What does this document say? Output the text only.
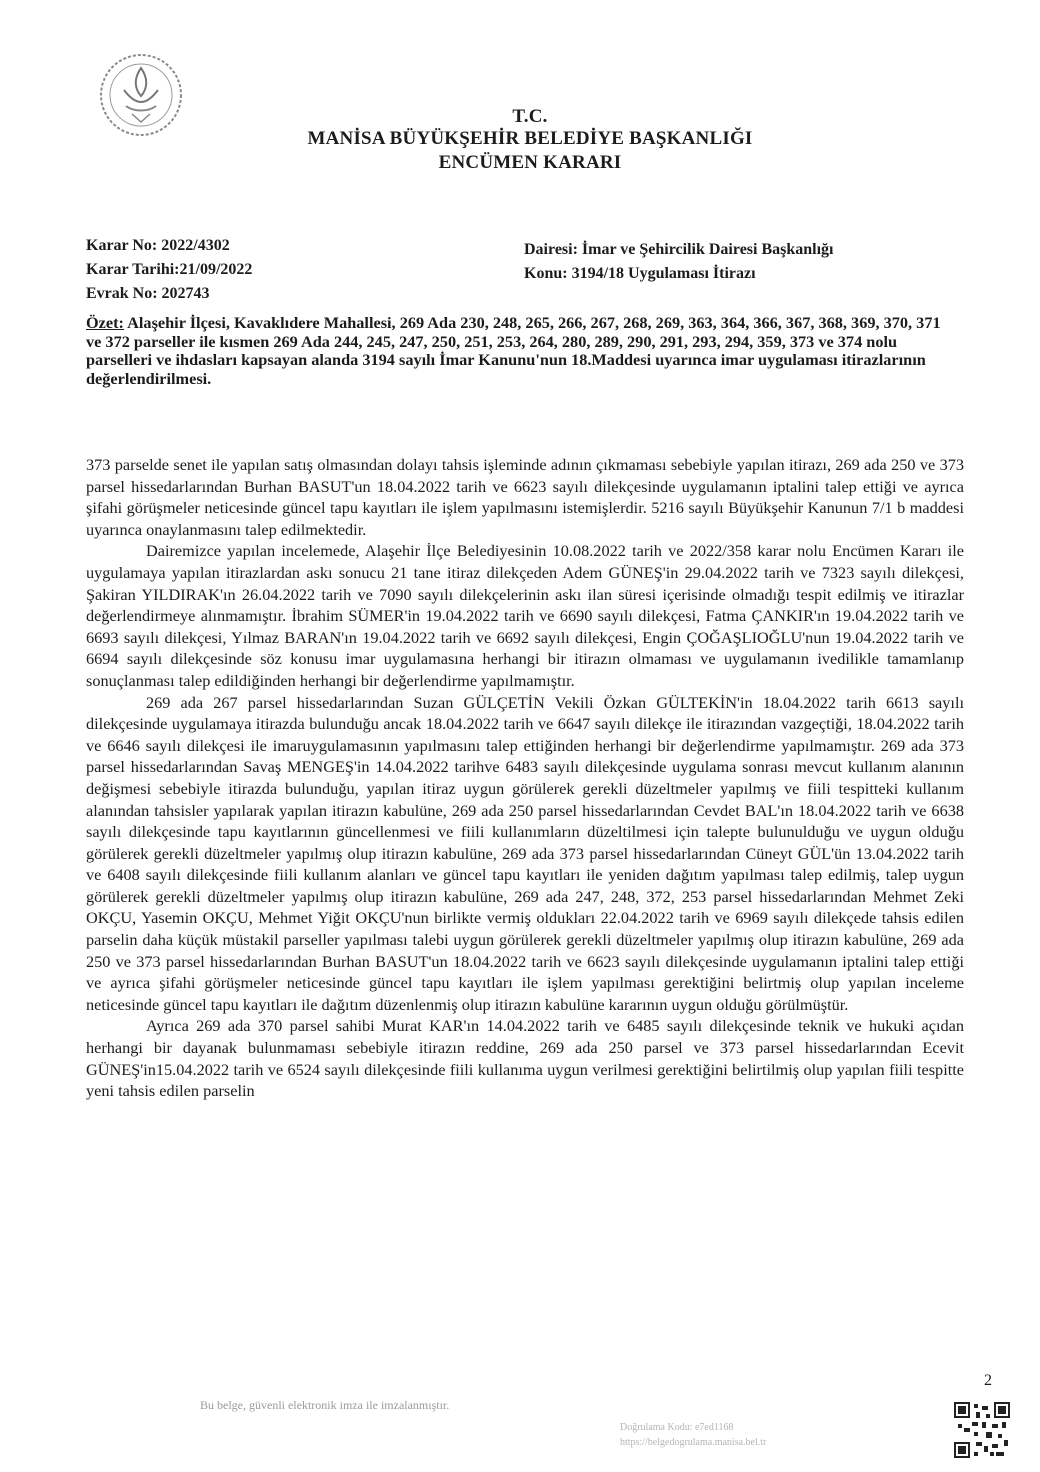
T.C.
MANİSA BÜYÜKŞEHİR BELEDİYE BAŞKANLIĞI
ENCÜMEN KARARI
Karar No: 2022/4302
Karar Tarihi:21/09/2022
Evrak No: 202743
Dairesi: İmar ve Şehircilik Dairesi Başkanlığı
Konu: 3194/18 Uygulaması İtirazı
Özet: Alaşehir İlçesi, Kavaklıdere Mahallesi, 269 Ada 230, 248, 265, 266, 267, 268, 269, 363, 364, 366, 367, 368, 369, 370, 371 ve 372 parseller ile kısmen 269 Ada 244, 245, 247, 250, 251, 253, 264, 280, 289, 290, 291, 293, 294, 359, 373 ve 374 nolu parselleri ve ihdasları kapsayan alanda 3194 sayılı İmar Kanunu'nun 18.Maddesi uyarınca imar uygulaması itirazlarının değerlendirilmesi.

373 parselde senet ile yapılan satış olmasından dolayı tahsis işleminde adının çıkmaması sebebiyle yapılan itirazı, 269 ada 250 ve 373 parsel hissedarlarından Burhan BASUT'un 18.04.2022 tarih ve 6623 sayılı dilekçesinde uygulamanın iptalini talep ettiği ve ayrıca şifahi görüşmeler neticesinde güncel tapu kayıtları ile işlem yapılmasını istemişlerdir. 5216 sayılı Büyükşehir Kanunun 7/1 b maddesi uyarınca onaylanmasını talep edilmektedir.

Dairemizce yapılan incelemede, Alaşehir İlçe Belediyesinin 10.08.2022 tarih ve 2022/358 karar nolu Encümen Kararı ile uygulamaya yapılan itirazlardan askı sonucu 21 tane itiraz dilekçeden Adem GÜNEŞ'in 29.04.2022 tarih ve 7323 sayılı dilekçesi, Şakiran YILDIRAK'ın 26.04.2022 tarih ve 7090 sayılı dilekçelerinin askı ilan süresi içerisinde olmadığı tespit edilmiş ve itirazlar değerlendirmeye alınmamıştır. İbrahim SÜMER'in 19.04.2022 tarih ve 6690 sayılı dilekçesi, Fatma ÇANKIR'ın 19.04.2022 tarih ve 6693 sayılı dilekçesi, Yılmaz BARAN'ın 19.04.2022 tarih ve 6692 sayılı dilekçesi, Engin ÇOĞAŞLIOĞLU'nun 19.04.2022 tarih ve 6694 sayılı dilekçesinde söz konusu imar uygulamasına herhangi bir itirazın olmaması ve uygulamanın ivedilikle tamamlanıp sonuçlanması talep edildiğinden herhangi bir değerlendirme yapılmamıştır.

269 ada 267 parsel hissedarlarından Suzan GÜLÇETİN Vekili Özkan GÜLTEKİN'in 18.04.2022 tarih 6613 sayılı dilekçesinde uygulamaya itirazda bulunduğu ancak 18.04.2022 tarih ve 6647 sayılı dilekçe ile itirazından vazgeçtiği, 18.04.2022 tarih ve 6646 sayılı dilekçesi ile imaruygulamasının yapılmasını talep ettiğinden herhangi bir değerlendirme yapılmamıştır. 269 ada 373 parsel hissedarlarından Savaş MENGEŞ'in 14.04.2022 tarihve 6483 sayılı dilekçesinde uygulama sonrası mevcut kullanım alanının değişmesi sebebiyle itirazda bulunduğu, yapılan itiraz uygun görülerek gerekli düzeltmeler yapılmış ve fiili tespitteki kullanım alanından tahsisler yapılarak yapılan itirazın kabulüne, 269 ada 250 parsel hissedarlarından Cevdet BAL'ın 18.04.2022 tarih ve 6638 sayılı dilekçesinde tapu kayıtlarının güncellenmesi ve fiili kullanımların düzeltilmesi için talepte bulunulduğu ve uygun olduğu görülerek gerekli düzeltmeler yapılmış olup itirazın kabulüne, 269 ada 373 parsel hissedarlarından Cüneyt GÜL'ün 13.04.2022 tarih ve 6408 sayılı dilekçesinde fiili kullanım alanları ve güncel tapu kayıtları ile yeniden dağıtım yapılması talep edilmiş, talep uygun görülerek gerekli düzeltmeler yapılmış olup itirazın kabulüne, 269 ada 247, 248, 372, 253 parsel hissedarlarından Mehmet Zeki OKÇU, Yasemin OKÇU, Mehmet Yiğit OKÇU'nun birlikte vermiş oldukları 22.04.2022 tarih ve 6969 sayılı dilekçede tahsis edilen parselin daha küçük müstakil parseller yapılması talebi uygun görülerek gerekli düzeltmeler yapılmış olup itirazın kabulüne, 269 ada 250 ve 373 parsel hissedarlarından Burhan BASUT'un 18.04.2022 tarih ve 6623 sayılı dilekçesinde uygulamanın iptalini talep ettiği ve ayrıca şifahi görüşmeler neticesinde güncel tapu kayıtları ile işlem yapılması gerektiğini belirtmiş olup yapılan inceleme neticesinde güncel tapu kayıtları ile dağıtım düzenlenmiş olup itirazın kabulüne kararının uygun olduğu görülmüştür.

Ayrıca 269 ada 370 parsel sahibi Murat KAR'ın 14.04.2022 tarih ve 6485 sayılı dilekçesinde teknik ve hukuki açıdan herhangi bir dayanak bulunmaması sebebiyle itirazın reddine, 269 ada 250 parsel ve 373 parsel hissedarlarından Ecevit GÜNEŞ'in15.04.2022 tarih ve 6524 sayılı dilekçesinde fiili kullanıma uygun verilmesi gerektiğini belirtilmiş olup yapılan fiili tespitte yeni tahsis edilen parselin

2
Bu belge, güvenli elektronik imza ile imzalanmıştır.
Doğrulama Kodu: e7ed1168
https://belgedogrulama.manisa.bel.tr
